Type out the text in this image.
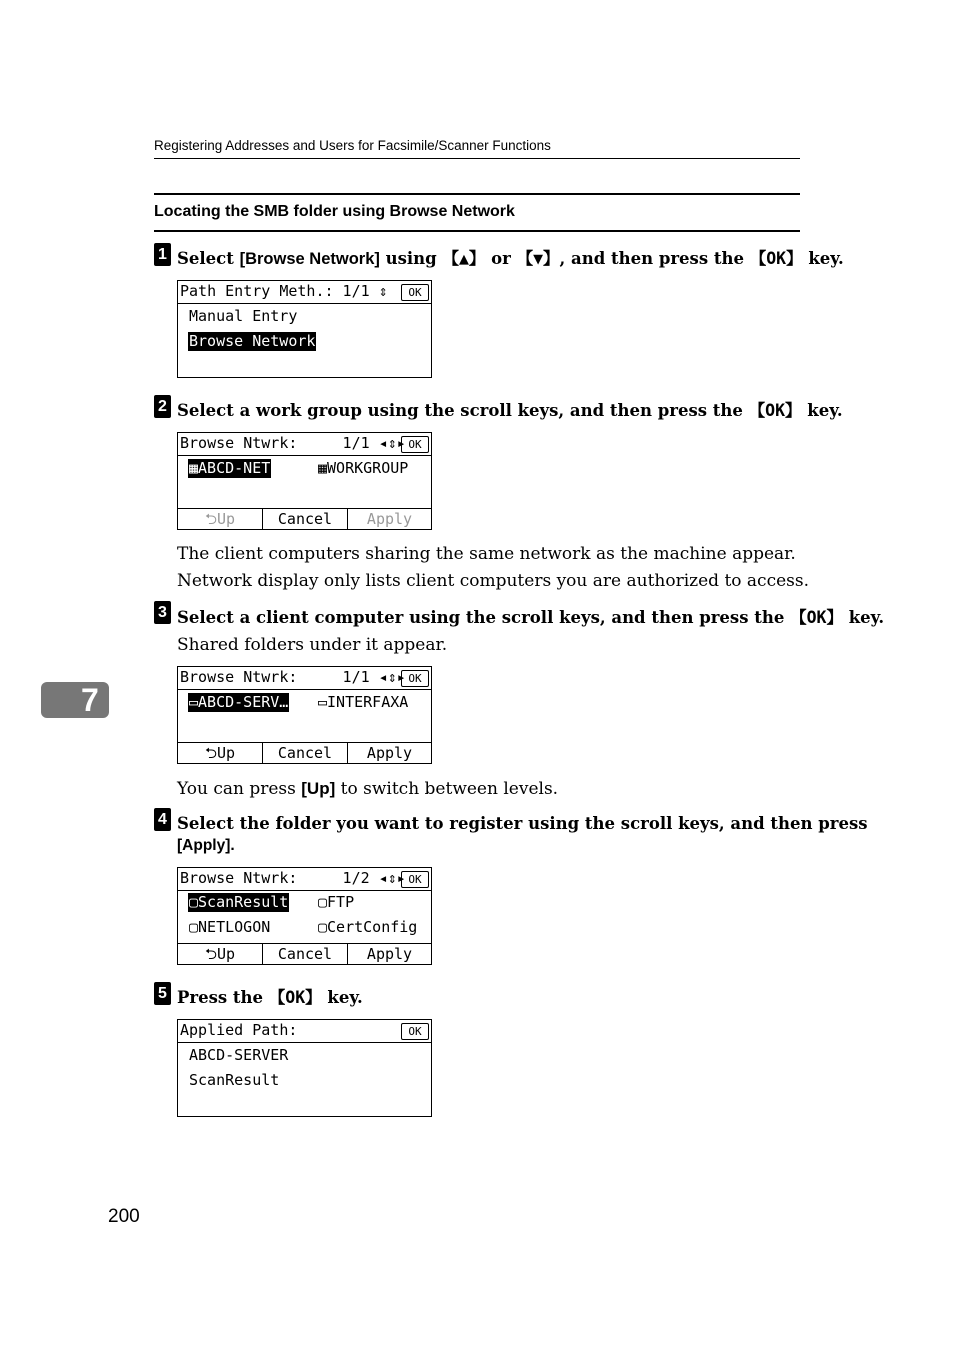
Registering Addresses and Users for Facsimile/Scanner Functions
Locating the SMB folder using Browse Network
1 Select [Browse Network] using 【▲】 or 【▼】, and then press the 【OK】 key.
Path Entry Meth.: 1/1 ⇕	OK
Manual Entry
Browse Network
2 Select a work group using the scroll keys, and then press the 【OK】 key.
Browse Ntwrk:     1/1 ◂⇕▸ OK
▦ABCD-NET	▦WORKGROUP
⮌Up	Cancel	Apply
The client computers sharing the same network as the machine appear.
Network display only lists client computers you are authorized to access.
3 Select a client computer using the scroll keys, and then press the 【OK】 key.
Shared folders under it appear.
Browse Ntwrk:     1/1 ◂⇕▸ OK
▭ABCD-SERV… ▭INTERFAXA
⮌Up	Cancel	Apply
You can press [Up] to switch between levels.
4 Select the folder you want to register using the scroll keys, and then press
[Apply].
Browse Ntwrk:     1/2 ◂⇕▸ OK
▢ScanResult ▢FTP
▢NETLOGON	▢CertConfig
⮌Up	Cancel	Apply
5 Press the 【OK】 key.
Applied Path:	OK
ABCD-SERVER
ScanResult
7
200
